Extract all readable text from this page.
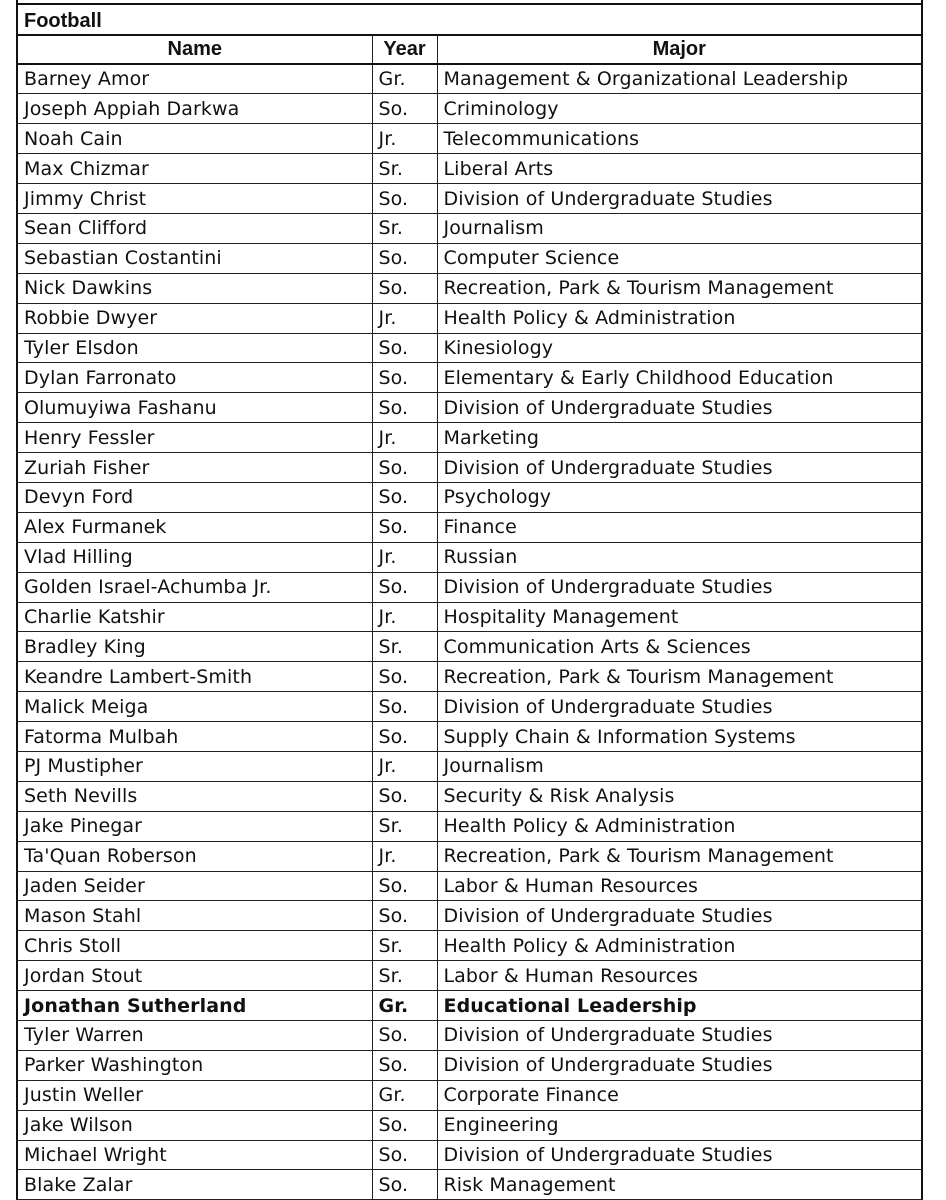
Football
Name	Year	Major
Barney Amor	Gr.	Management & Organizational Leadership
Joseph Appiah Darkwa	So.	Criminology
Noah Cain	Jr.	Telecommunications
Max Chizmar	Sr.	Liberal Arts
Jimmy Christ	So.	Division of Undergraduate Studies
Sean Clifford	Sr.	Journalism
Sebastian Costantini	So.	Computer Science
Nick Dawkins	So.	Recreation, Park & Tourism Management
Robbie Dwyer	Jr.	Health Policy & Administration
Tyler Elsdon	So.	Kinesiology
Dylan Farronato	So.	Elementary & Early Childhood Education
Olumuyiwa Fashanu	So.	Division of Undergraduate Studies
Henry Fessler	Jr.	Marketing
Zuriah Fisher	So.	Division of Undergraduate Studies
Devyn Ford	So.	Psychology
Alex Furmanek	So.	Finance
Vlad Hilling	Jr.	Russian
Golden Israel-Achumba Jr.	So.	Division of Undergraduate Studies
Charlie Katshir	Jr.	Hospitality Management
Bradley King	Sr.	Communication Arts & Sciences
Keandre Lambert-Smith	So.	Recreation, Park & Tourism Management
Malick Meiga	So.	Division of Undergraduate Studies
Fatorma Mulbah	So.	Supply Chain & Information Systems
PJ Mustipher	Jr.	Journalism
Seth Nevills	So.	Security & Risk Analysis
Jake Pinegar	Sr.	Health Policy & Administration
Ta'Quan Roberson	Jr.	Recreation, Park & Tourism Management
Jaden Seider	So.	Labor & Human Resources
Mason Stahl	So.	Division of Undergraduate Studies
Chris Stoll	Sr.	Health Policy & Administration
Jordan Stout	Sr.	Labor & Human Resources
Jonathan Sutherland	Gr.	Educational Leadership
Tyler Warren	So.	Division of Undergraduate Studies
Parker Washington	So.	Division of Undergraduate Studies
Justin Weller	Gr.	Corporate Finance
Jake Wilson	So.	Engineering
Michael Wright	So.	Division of Undergraduate Studies
Blake Zalar	So.	Risk Management
